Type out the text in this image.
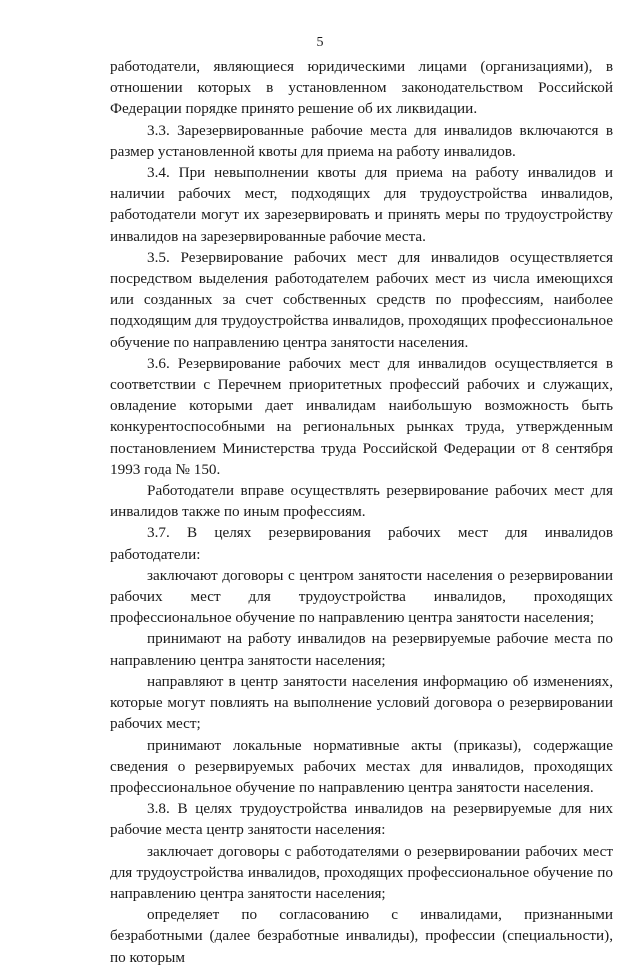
5

работодатели, являющиеся юридическими лицами (организациями), в отношении которых в установленном законодательством Российской Федерации порядке принято решение об их ликвидации.

3.3. Зарезервированные рабочие места для инвалидов включаются в размер установленной квоты для приема на работу инвалидов.

3.4. При невыполнении квоты для приема на работу инвалидов и наличии рабочих мест, подходящих для трудоустройства инвалидов, работодатели могут их зарезервировать и принять меры по трудоустройству инвалидов на зарезервированные рабочие места.

3.5. Резервирование рабочих мест для инвалидов осуществляется посредством выделения работодателем рабочих мест из числа имеющихся или созданных за счет собственных средств по профессиям, наиболее подходящим для трудоустройства инвалидов, проходящих профессиональное обучение по направлению центра занятости населения.

3.6. Резервирование рабочих мест для инвалидов осуществляется в соответствии с Перечнем приоритетных профессий рабочих и служащих, овладение которыми дает инвалидам наибольшую возможность быть конкурентоспособными на региональных рынках труда, утвержденным постановлением Министерства труда Российской Федерации от 8 сентября 1993 года № 150.

Работодатели вправе осуществлять резервирование рабочих мест для инвалидов также по иным профессиям.

3.7. В целях резервирования рабочих мест для инвалидов работодатели:

заключают договоры с центром занятости населения о резервировании рабочих мест для трудоустройства инвалидов, проходящих профессиональное обучение по направлению центра занятости населения;

принимают на работу инвалидов на резервируемые рабочие места по направлению центра занятости населения;

направляют в центр занятости населения информацию об изменениях, которые могут повлиять на выполнение условий договора о резервировании рабочих мест;

принимают локальные нормативные акты (приказы), содержащие сведения о резервируемых рабочих местах для инвалидов, проходящих профессиональное обучение по направлению центра занятости населения.

3.8. В целях трудоустройства инвалидов на резервируемые для них рабочие места центр занятости населения:

заключает договоры с работодателями о резервировании рабочих мест для трудоустройства инвалидов, проходящих профессиональное обучение по направлению центра занятости населения;

определяет по согласованию с инвалидами, признанными безработными (далее безработные инвалиды), профессии (специальности), по которым
